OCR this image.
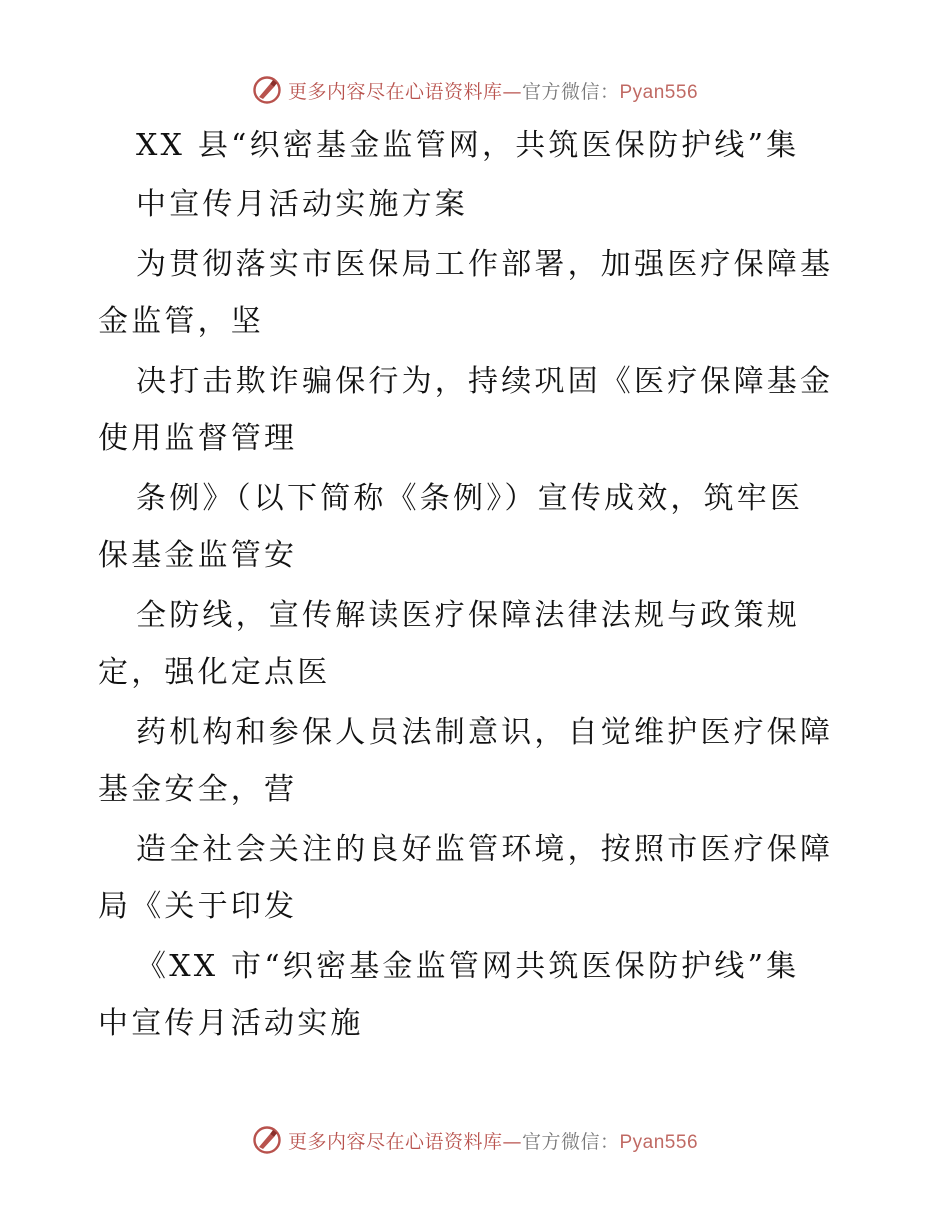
更多内容尽在心语资料库—官方微信：Pyan556
XX 县“织密基金监管网，共筑医保防护线”集
中宣传月活动实施方案
为贯彻落实市医保局工作部署，加强医疗保障基
金监管，坚
决打击欺诈骗保行为，持续巩固《医疗保障基金
使用监督管理
条例》（以下简称《条例》）宣传成效，筑牢医
保基金监管安
全防线，宣传解读医疗保障法律法规与政策规
定，强化定点医
药机构和参保人员法制意识，自觉维护医疗保障
基金安全，营
造全社会关注的良好监管环境，按照市医疗保障
局《关于印发
《XX 市“织密基金监管网共筑医保防护线”集
中宣传月活动实施
更多内容尽在心语资料库—官方微信：Pyan556
